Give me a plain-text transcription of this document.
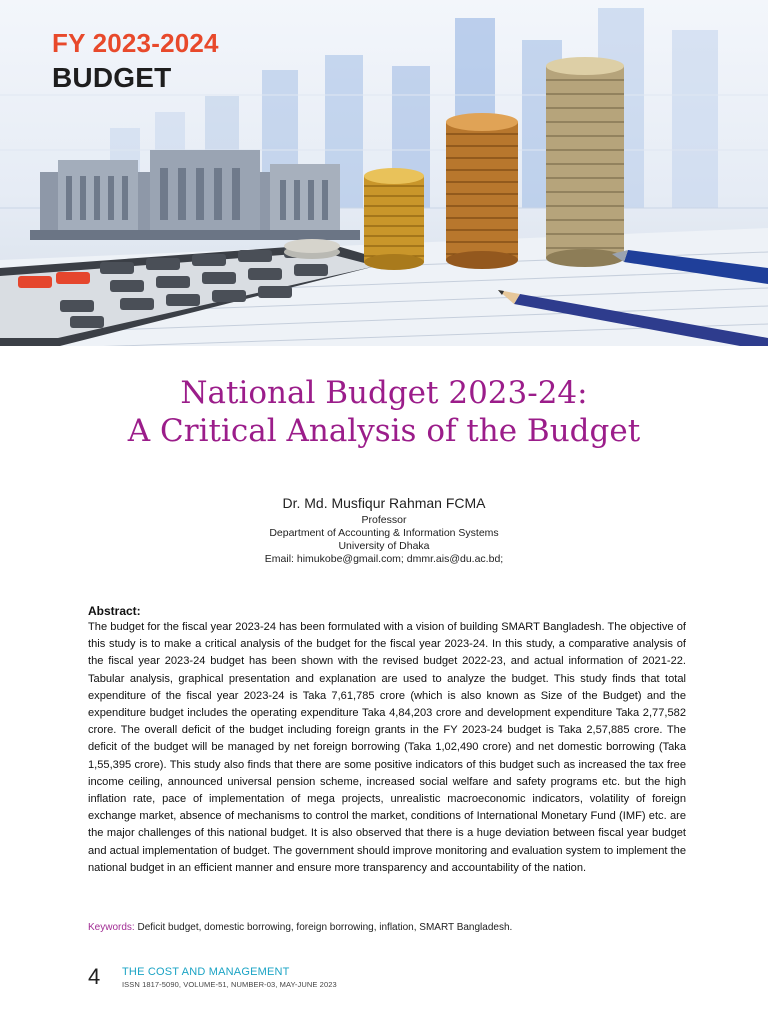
FY 2023-2024
BUDGET
National Budget 2023-24:
A Critical Analysis of the Budget
Dr. Md. Musfiqur Rahman FCMA
Professor
Department of Accounting & Information Systems
University of Dhaka
Email: himukobe@gmail.com; dmmr.ais@du.ac.bd;
Abstract:

The budget for the fiscal year 2023-24 has been formulated with a vision of building SMART Bangladesh. The objective of this study is to make a critical analysis of the budget for the fiscal year 2023-24. In this study, a comparative analysis of the fiscal year 2023-24 budget has been shown with the revised budget 2022-23, and actual information of 2021-22. Tabular analysis, graphical presentation and explanation are used to analyze the budget. This study finds that total expenditure of the fiscal year 2023-24 is Taka 7,61,785 crore (which is also known as Size of the Budget) and the expenditure budget includes the operating expenditure Taka 4,84,203 crore and development expenditure Taka 2,77,582 crore. The overall deficit of the budget including foreign grants in the FY 2023-24 budget is Taka 2,57,885 crore. The deficit of the budget will be managed by net foreign borrowing (Taka 1,02,490 crore) and net domestic borrowing (Taka 1,55,395 crore). This study also finds that there are some positive indicators of this budget such as increased the tax free income ceiling, announced universal pension scheme, increased social welfare and safety programs etc. but the high inflation rate, pace of implementation of mega projects, unrealistic macroeconomic indicators, volatility of foreign exchange market, absence of mechanisms to control the market, conditions of International Monetary Fund (IMF) etc. are the major challenges of this national budget. It is also observed that there is a huge deviation between fiscal year budget and actual implementation of budget. The government should improve monitoring and evaluation system to implement the national budget in an efficient manner and ensure more transparency and accountability of the nation.

Keywords: Deficit budget, domestic borrowing, foreign borrowing, inflation, SMART Bangladesh.
4 THE COST AND MANAGEMENT
ISSN 1817-5090, VOLUME-51, NUMBER-03, MAY-JUNE 2023
